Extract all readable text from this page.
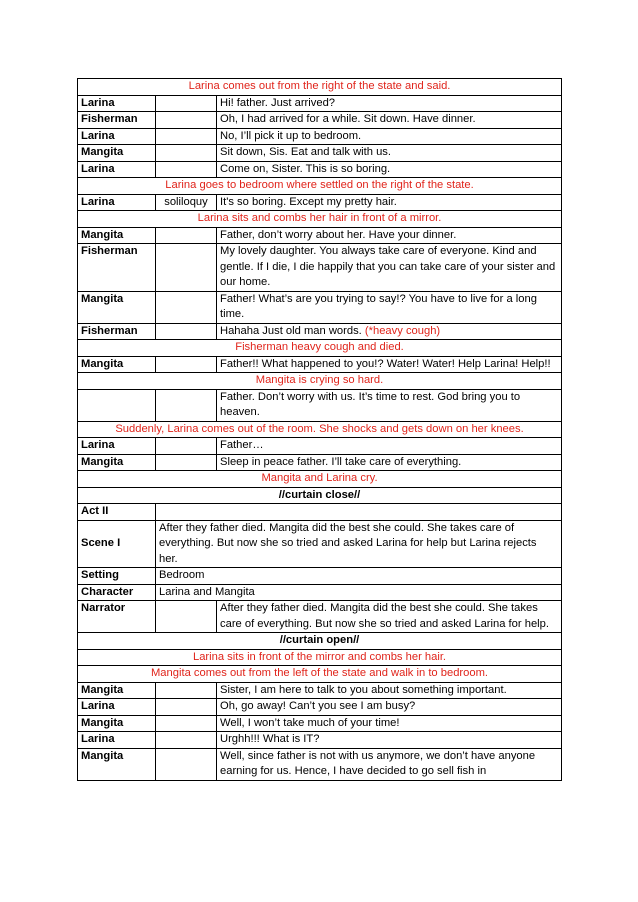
Larina comes out from the right of the state and said.		
Larina		Hi! father. Just arrived?
Fisherman		Oh, I had arrived for a while. Sit down. Have dinner.
Larina		No, I’ll pick it up to bedroom.
Mangita		Sit down, Sis. Eat and talk with us.
Larina		Come on, Sister. This is so boring.
Larina goes to bedroom where settled on the right of the state.		
Larina	soliloquy	It's so boring. Except my pretty hair.
Larina sits and combs her hair in front of a mirror.		
Mangita		Father, don’t worry about her. Have your dinner.
Fisherman		My lovely daughter. You always take care of everyone. Kind and gentle. If I die, I die happily that you can take care of your sister and our home.
Mangita		Father! What’s are you trying to say!? You have to live for a long time.
Fisherman		Hahaha Just old man words. (*heavy cough)
Fisherman heavy cough and died.		
Mangita		Father!! What happened to you!? Water! Water! Help Larina! Help!!
Mangita is crying so hard.		
		Father. Don’t worry with us. It’s time to rest. God bring you to heaven.
Suddenly, Larina comes out of the room. She shocks and gets down on her knees.		
Larina		Father…
Mangita		Sleep in peace father. I’ll take care of everything.
Mangita and Larina cry.		
//curtain close//		
Act II		
Scene I	After they father died. Mangita did the best she could. She takes care of everything. But now she so tried and asked Larina for help but Larina rejects her.	
Setting	Bedroom	
Character	Larina and Mangita	
Narrator		After they father died. Mangita did the best she could. She takes care of everything. But now she so tried and asked Larina for help.
//curtain open//		
Larina sits in front of the mirror and combs her hair.		
Mangita comes out from the left of the state and walk in to bedroom.		
Mangita		Sister, I am here to talk to you about something important.
Larina		Oh, go away! Can’t you see I am busy?
Mangita		Well, I won’t take much of your time!
Larina		Urghh!!! What is IT?
Mangita		Well, since father is not with us anymore, we don’t have anyone earning for us. Hence, I have decided to go sell fish in
